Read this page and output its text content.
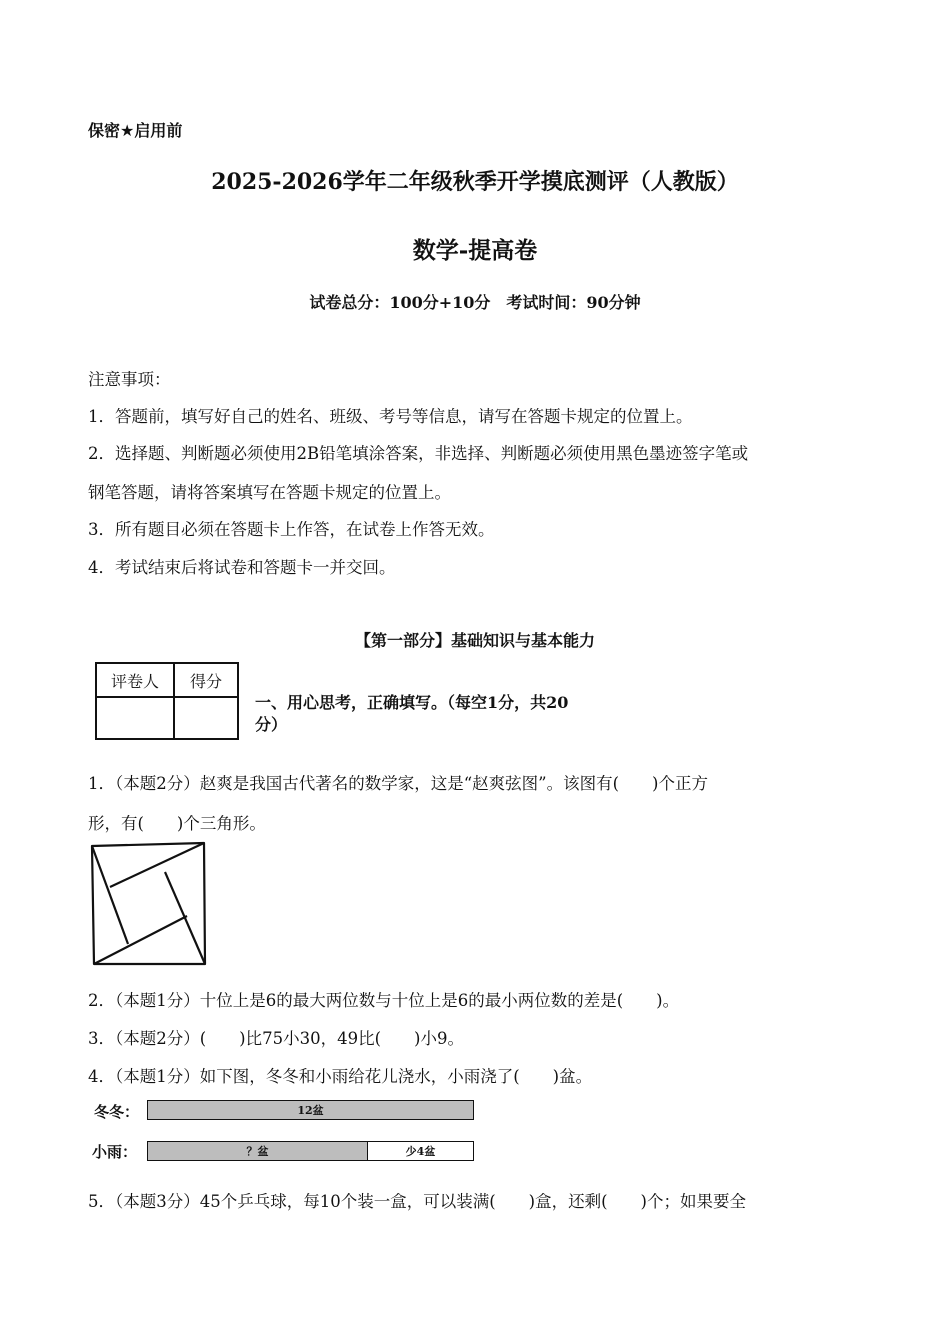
保密★启用前
2025-2026学年二年级秋季开学摸底测评（人教版）
数学-提高卷
试卷总分：100分+10分　考试时间：90分钟
注意事项：
1．答题前，填写好自己的姓名、班级、考号等信息，请写在答题卡规定的位置上。
2．选择题、判断题必须使用2B铅笔填涂答案，非选择、判断题必须使用黑色墨迹签字笔或
钢笔答题，请将答案填写在答题卡规定的位置上。
3．所有题目必须在答题卡上作答，在试卷上作答无效。
4．考试结束后将试卷和答题卡一并交回。
【第一部分】基础知识与基本能力
评卷人	得分

一、用心思考，正确填写。（每空1分，共20
分）
1．（本题2分）赵爽是我国古代著名的数学家，这是“赵爽弦图”。该图有(　　)个正方
形，有(　　)个三角形。
2．（本题1分）十位上是6的最大两位数与十位上是6的最小两位数的差是(　　)。
3．（本题2分）(　　)比75小30，49比(　　)小9。
4．（本题1分）如下图，冬冬和小雨给花儿浇水，小雨浇了(　　)盆。
冬冬：	12盆
小雨：	？盆	少4盆
5．（本题3分）45个乒乓球，每10个装一盒，可以装满(　　)盒，还剩(　　)个；如果要全
